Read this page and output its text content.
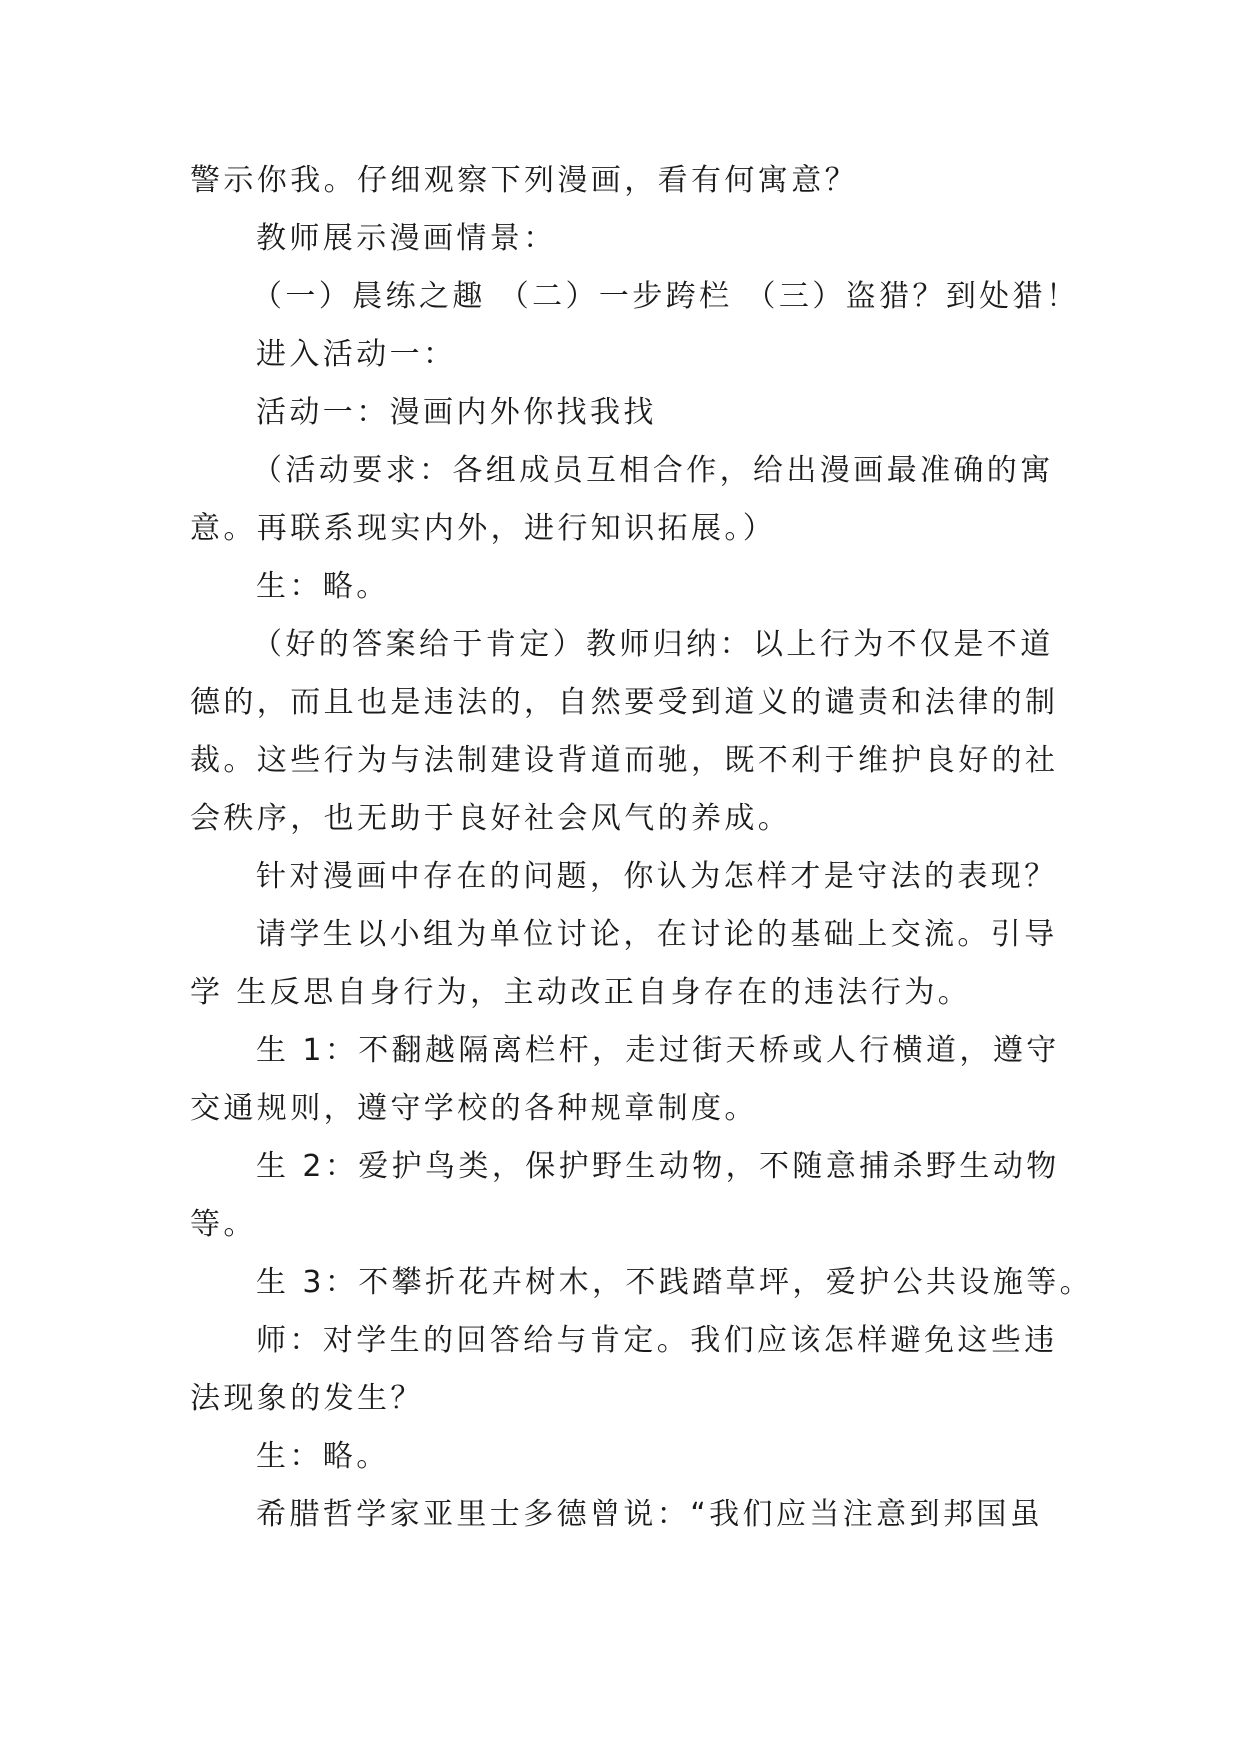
警示你我。仔细观察下列漫画，看有何寓意？

教师展示漫画情景：

（一）晨练之趣 （二）一步跨栏 （三）盗猎？到处猎！

进入活动一：

活动一：漫画内外你找我找

（活动要求：各组成员互相合作，给出漫画最准确的寓

意。再联系现实内外，进行知识拓展。）

生：略。

（好的答案给于肯定）教师归纳：以上行为不仅是不道

德的，而且也是违法的，自然要受到道义的谴责和法律的制

裁。这些行为与法制建设背道而驰，既不利于维护良好的社

会秩序，也无助于良好社会风气的养成。

针对漫画中存在的问题，你认为怎样才是守法的表现？

请学生以小组为单位讨论，在讨论的基础上交流。引导

学 生反思自身行为，主动改正自身存在的违法行为。

生 1：不翻越隔离栏杆，走过街天桥或人行横道，遵守

交通规则，遵守学校的各种规章制度。

生 2：爱护鸟类，保护野生动物，不随意捕杀野生动物

等。

生 3：不攀折花卉树木，不践踏草坪，爱护公共设施等。

师：对学生的回答给与肯定。我们应该怎样避免这些违

法现象的发生？

生：略。

希腊哲学家亚里士多德曾说：“我们应当注意到邦国虽
